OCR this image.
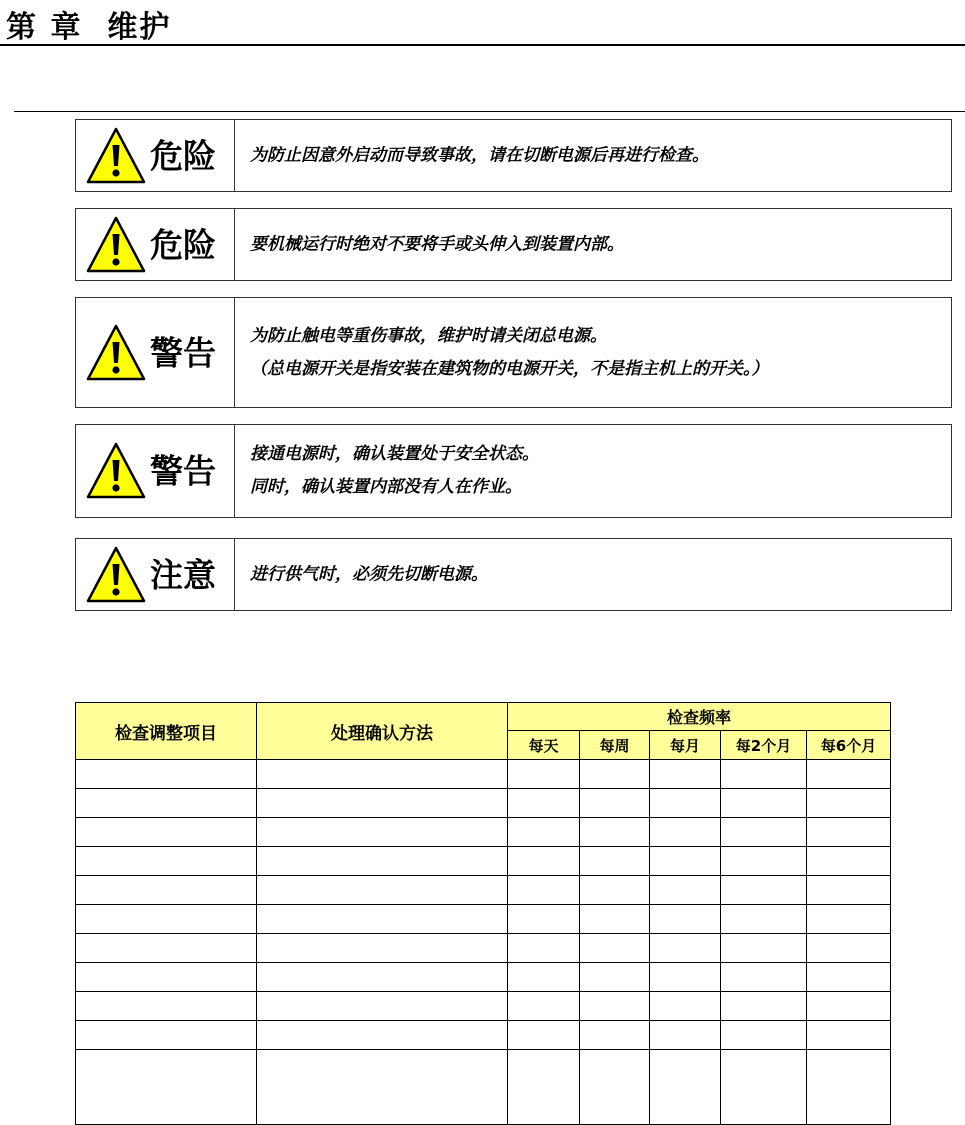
第 章  维护
危险 为防止因意外启动而导致事故，请在切断电源后再进行检查。
危险 要机械运行时绝对不要将手或头伸入到装置内部。
警告 为防止触电等重伤事故，维护时请关闭总电源。
（总电源开关是指安装在建筑物的电源开关，不是指主机上的开关。）
警告 接通电源时，确认装置处于安全状态。
同时，确认装置内部没有人在作业。
注意 进行供气时，必须先切断电源。
检查调整项目	处理确认方法	检查频率				
		每天	每周	每月	每2个月	每6个月
